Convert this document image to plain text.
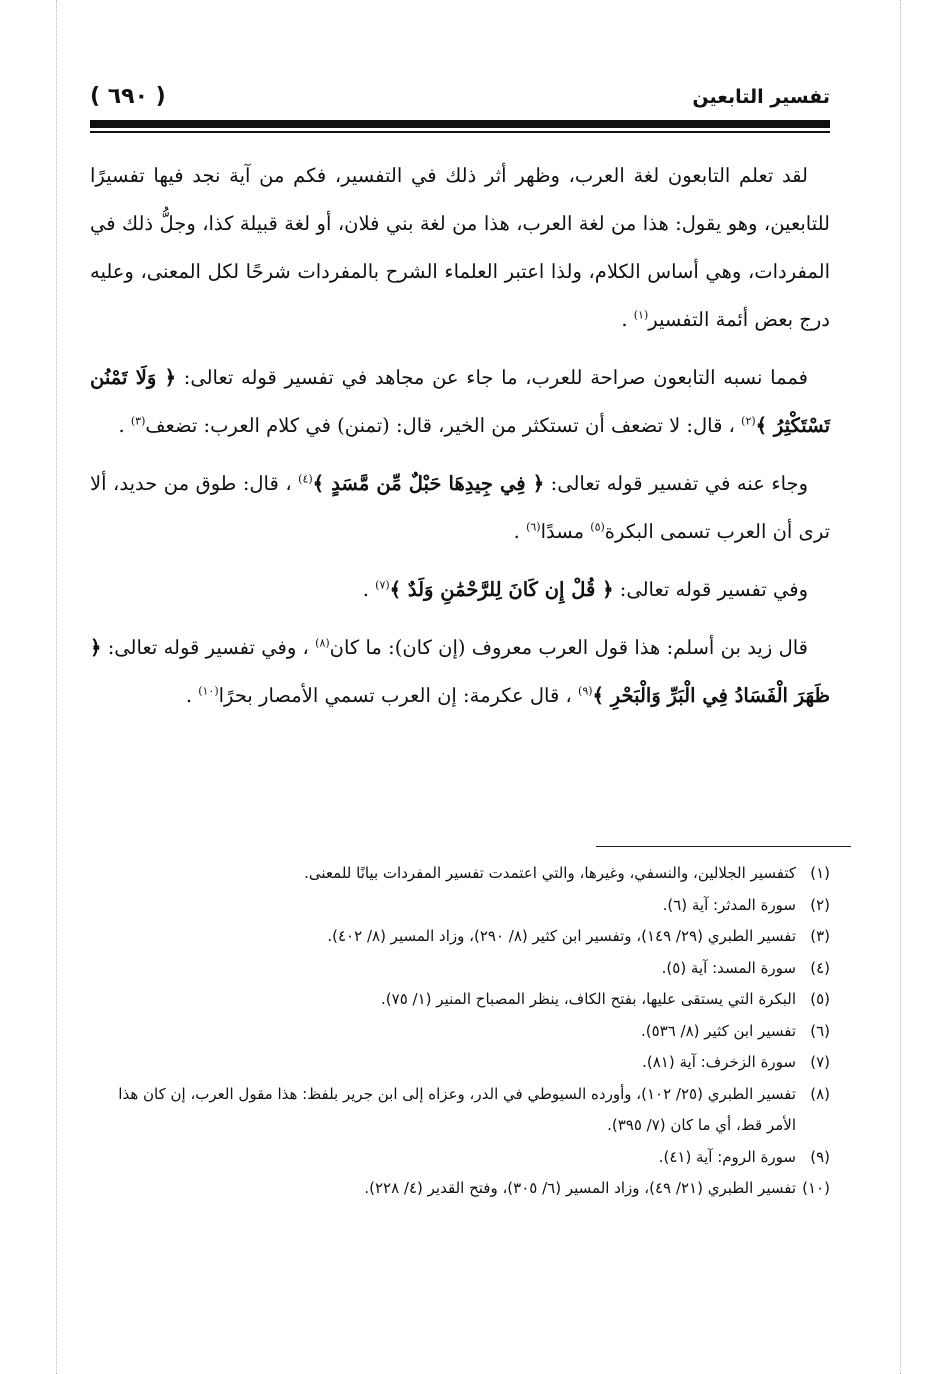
( ٦٩٠ )	تفسير التابعين

لقد تعلم التابعون لغة العرب، وظهر أثر ذلك في التفسير، فكم من آية نجد فيها تفسيرًا للتابعين، وهو يقول: هذا من لغة العرب، هذا من لغة بني فلان، أو لغة قبيلة كذا، وجلُّ ذلك في المفردات، وهي أساس الكلام، ولذا اعتبر العلماء الشرح بالمفردات شرحًا لكل المعنى، وعليه درج بعض أئمة التفسير$^{(١)}$ .

فمما نسبه التابعون صراحة للعرب، ما جاء عن مجاهد في تفسير قوله تعالى: ﴿ وَلَا تَمْنُن تَسْتَكْثِرُ ﴾$^{(٢)}$ ، قال: لا تضعف أن تستكثر من الخير، قال: (تمنن) في كلام العرب: تضعف$^{(٣)}$ .

وجاء عنه في تفسير قوله تعالى: ﴿ فِي جِيدِهَا حَبْلٌ مِّن مَّسَدٍ ﴾$^{(٤)}$ ، قال: طوق من حديد، ألا ترى أن العرب تسمى البكرة$^{(٥)}$ مسدًا$^{(٦)}$ .

وفي تفسير قوله تعالى: ﴿ قُلْ إِن كَانَ لِلرَّحْمَٰنِ وَلَدٌ ﴾$^{(٧)}$ .

قال زيد بن أسلم: هذا قول العرب معروف (إن كان): ما كان$^{(٨)}$ ، وفي تفسير قوله تعالى: ﴿ ظَهَرَ الْفَسَادُ فِي الْبَرِّ وَالْبَحْرِ ﴾$^{(٩)}$ ، قال عكرمة: إن العرب تسمي الأمصار بحرًا$^{(١٠)}$ .

(١)
كتفسير الجلالين، والنسفي، وغيرها، والتي اعتمدت تفسير المفردات بيانًا للمعنى.
(٢)
سورة المدثر: آية (٦).
(٣)
تفسير الطبري (٢٩/ ١٤٩)، وتفسير ابن كثير (٨/ ٢٩٠)، وزاد المسير (٨/ ٤٠٢).
(٤)
سورة المسد: آية (٥).
(٥)
البكرة التي يستقى عليها، بفتح الكاف، ينظر المصباح المنير (١/ ٧٥).
(٦)
تفسير ابن كثير (٨/ ٥٣٦).
(٧)
سورة الزخرف: آية (٨١).
(٨)
تفسير الطبري (٢٥/ ١٠٢)، وأورده السيوطي في الدر، وعزاه إلى ابن جرير بلفظ: هذا مقول العرب، إن كان هذا الأمر قط، أي ما كان (٧/ ٣٩٥).
(٩)
سورة الروم: آية (٤١).
(١٠)
تفسير الطبري (٢١/ ٤٩)، وزاد المسير (٦/ ٣٠٥)، وفتح القدير (٤/ ٢٢٨).
